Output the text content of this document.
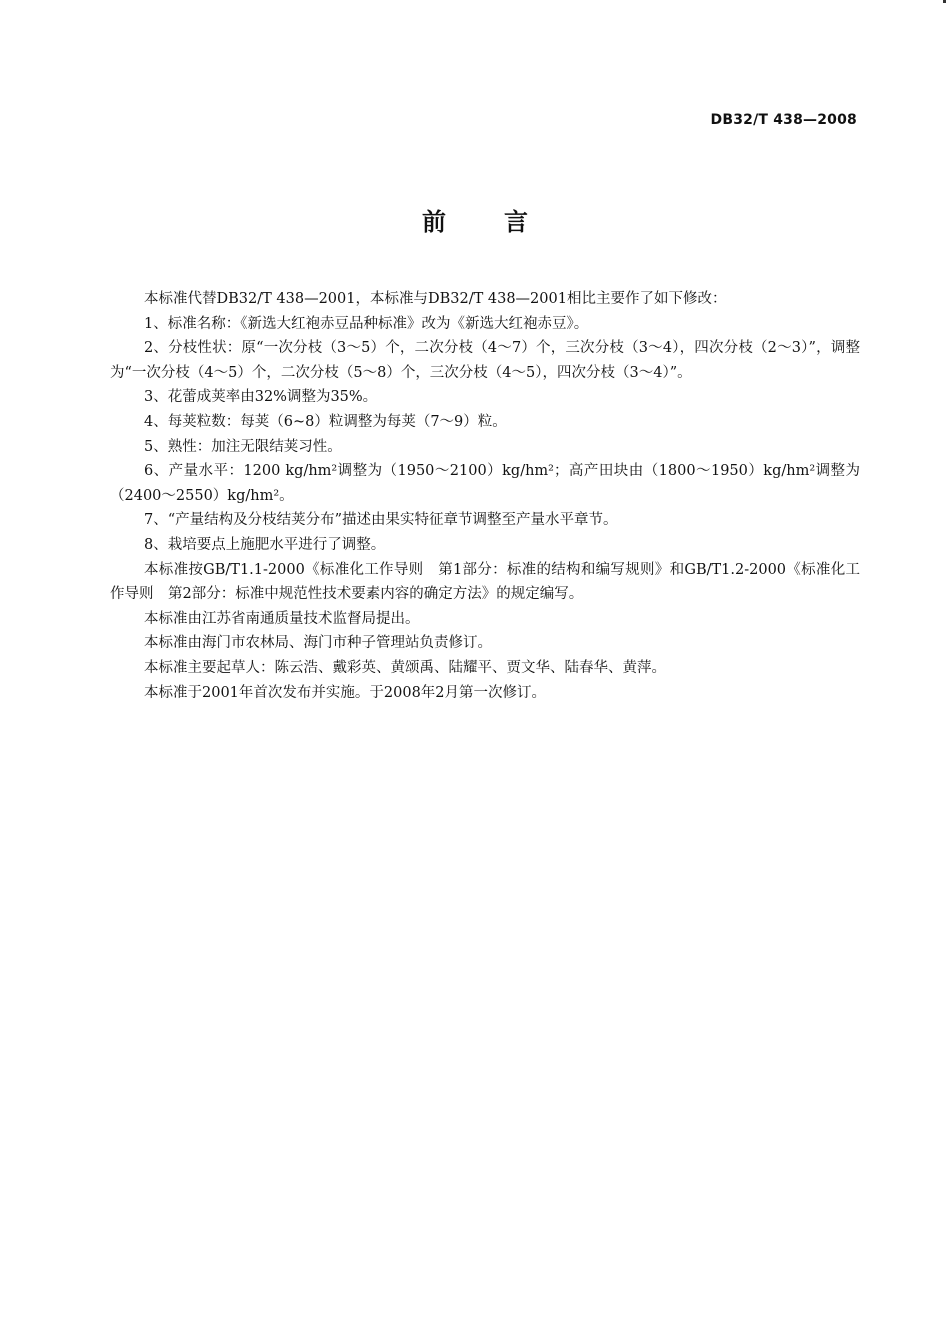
DB32/T 438—2008
前言

本标准代替DB32/T 438—2001，本标准与DB32/T 438—2001相比主要作了如下修改：

1、标准名称：《新选大红袍赤豆品种标准》改为《新选大红袍赤豆》。

2、分枝性状：原“一次分枝（3～5）个，二次分枝（4～7）个，三次分枝（3～4），四次分枝（2～3）”，调整为“一次分枝（4～5）个，二次分枝（5～8）个，三次分枝（4～5），四次分枝（3～4）”。

3、花蕾成荚率由32%调整为35%。

4、每荚粒数：每荚（6~8）粒调整为每荚（7～9）粒。

5、熟性：加注无限结荚习性。

6、产量水平：1200 kg/hm²调整为（1950～2100）kg/hm²；高产田块由（1800～1950）kg/hm²调整为（2400～2550）kg/hm²。

7、“产量结构及分枝结荚分布”描述由果实特征章节调整至产量水平章节。

8、栽培要点上施肥水平进行了调整。

本标准按GB/T1.1-2000《标准化工作导则　第1部分：标准的结构和编写规则》和GB/T1.2-2000《标准化工作导则　第2部分：标准中规范性技术要素内容的确定方法》的规定编写。

本标准由江苏省南通质量技术监督局提出。

本标准由海门市农林局、海门市种子管理站负责修订。

本标准主要起草人：陈云浩、戴彩英、黄颂禹、陆耀平、贾文华、陆春华、黄萍。

本标准于2001年首次发布并实施。于2008年2月第一次修订。
